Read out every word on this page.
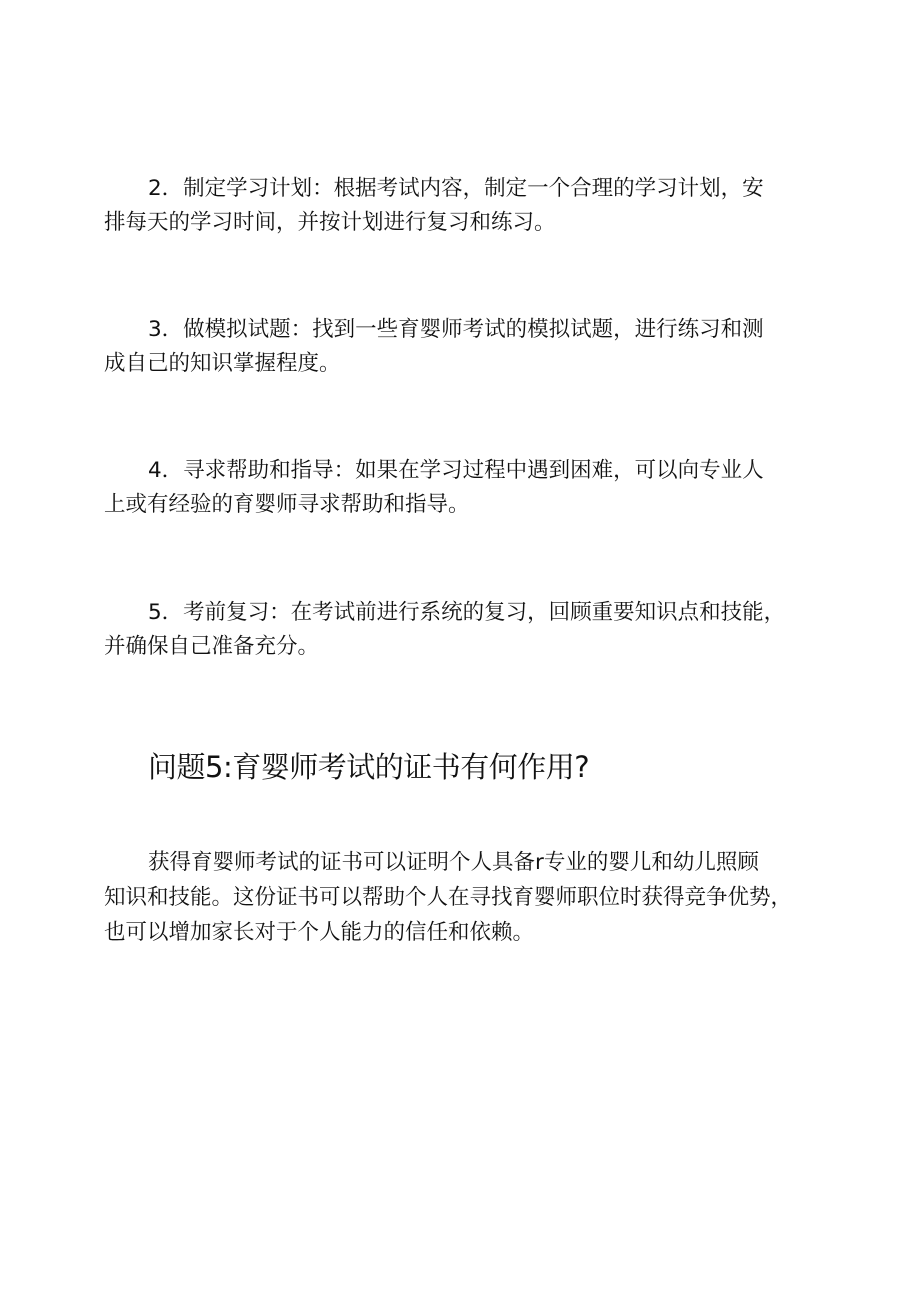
2．制定学习计划：根据考试内容，制定一个合理的学习计划，安
排每天的学习时间，并按计划进行复习和练习。

3．做模拟试题：找到一些育婴师考试的模拟试题，进行练习和测
成自己的知识掌握程度。

4．寻求帮助和指导：如果在学习过程中遇到困难，可以向专业人
上或有经验的育婴师寻求帮助和指导。

5．考前复习：在考试前进行系统的复习，回顾重要知识点和技能，
并确保自己准备充分。

问题5:育婴师考试的证书有何作用?

获得育婴师考试的证书可以证明个人具备r专业的婴儿和幼儿照顾
知识和技能。这份证书可以帮助个人在寻找育婴师职位时获得竞争优势，
也可以增加家长对于个人能力的信任和依赖。
